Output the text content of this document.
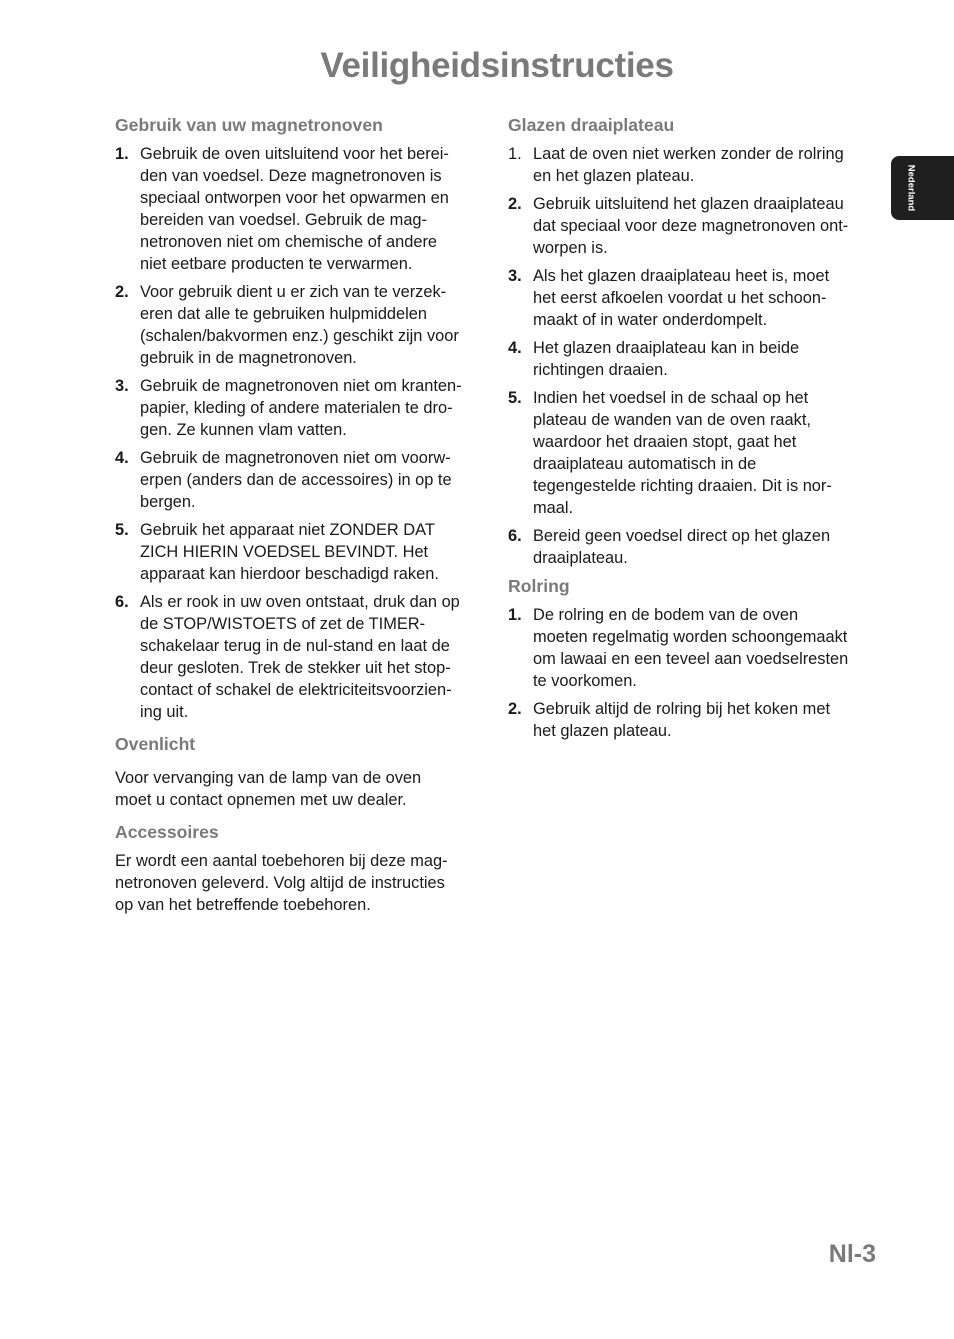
Veiligheidsinstructies
Nederland
Gebruik van uw magnetronoven
1. Gebruik de oven uitsluitend voor het berei-
den van voedsel. Deze magnetronoven is
speciaal ontworpen voor het opwarmen en
bereiden van voedsel. Gebruik de mag-
netronoven niet om chemische of andere
niet eetbare producten te verwarmen.
2. Voor gebruik dient u er zich van te verzek-
eren dat alle te gebruiken hulpmiddelen
(schalen/bakvormen enz.) geschikt zijn voor
gebruik in de magnetronoven.
3. Gebruik de magnetronoven niet om kranten-
papier, kleding of andere materialen te dro-
gen. Ze kunnen vlam vatten.
4. Gebruik de magnetronoven niet om voorw-
erpen (anders dan de accessoires) in op te
bergen.
5. Gebruik het apparaat niet ZONDER DAT
ZICH HIERIN VOEDSEL BEVINDT. Het
apparaat kan hierdoor beschadigd raken.
6. Als er rook in uw oven ontstaat, druk dan op
de STOP/WISTOETS of zet de TIMER-
schakelaar terug in de nul-stand en laat de
deur gesloten. Trek de stekker uit het stop-
contact of schakel de elektriciteitsvoorzien-
ing uit.
Ovenlicht

Voor vervanging van de lamp van de oven
moet u contact opnemen met uw dealer.

Accessoires

Er wordt een aantal toebehoren bij deze mag-
netronoven geleverd. Volg altijd de instructies
op van het betreffende toebehoren.

Glazen draaiplateau
1. Laat de oven niet werken zonder de rolring
en het glazen plateau.
2. Gebruik uitsluitend het glazen draaiplateau
dat speciaal voor deze magnetronoven ont-
worpen is.
3. Als het glazen draaiplateau heet is, moet
het eerst afkoelen voordat u het schoon-
maakt of in water onderdompelt.
4. Het glazen draaiplateau kan in beide
richtingen draaien.
5. Indien het voedsel in de schaal op het
plateau de wanden van de oven raakt,
waardoor het draaien stopt, gaat het
draaiplateau automatisch in de
tegengestelde richting draaien. Dit is nor-
maal.
6. Bereid geen voedsel direct op het glazen
draaiplateau.
Rolring
1. De rolring en de bodem van de oven
moeten regelmatig worden schoongemaakt
om lawaai en een teveel aan voedselresten
te voorkomen.
2. Gebruik altijd de rolring bij het koken met
het glazen plateau.
Nl-3
